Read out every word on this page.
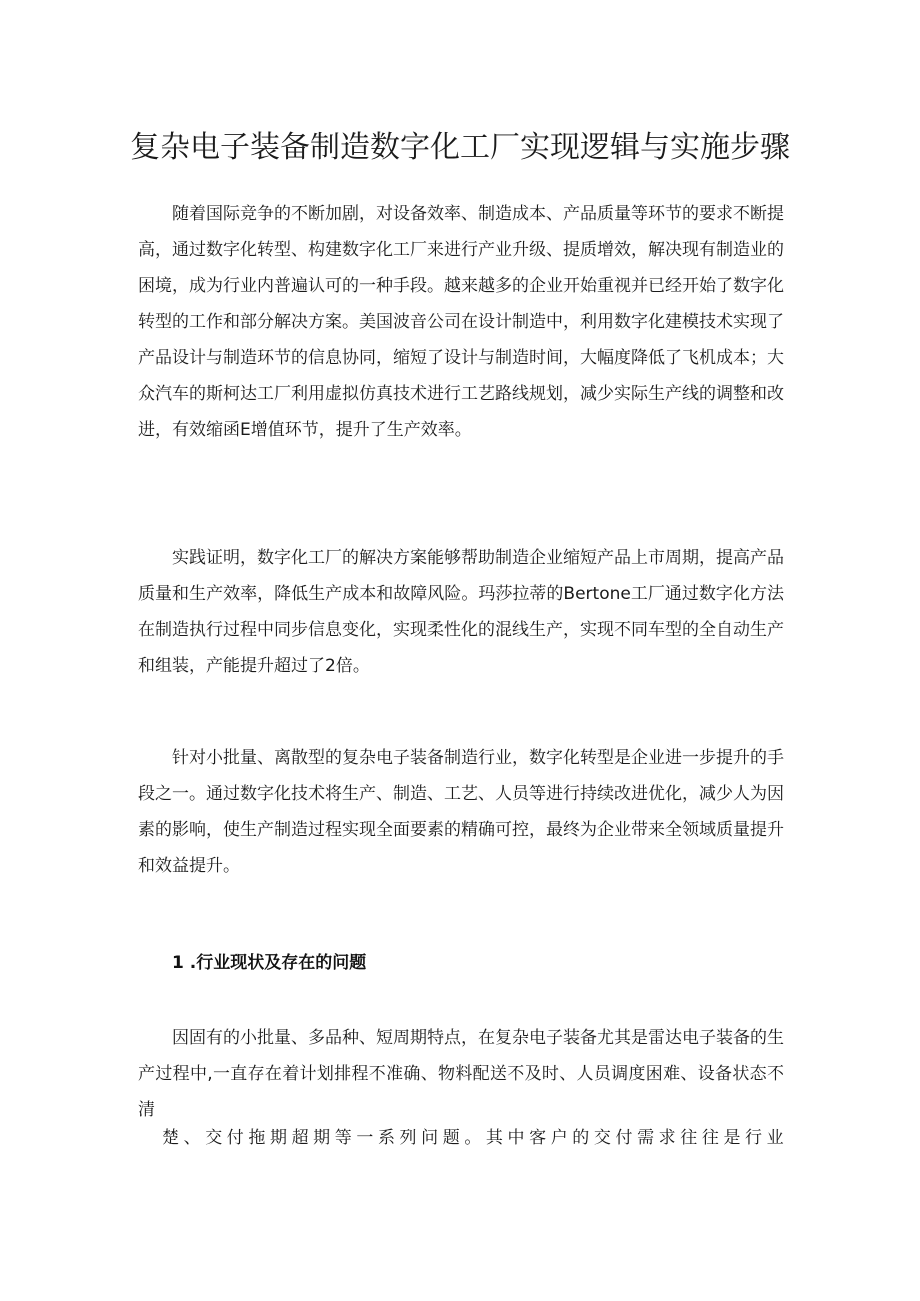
复杂电子装备制造数字化工厂实现逻辑与实施步骤

随着国际竞争的不断加剧，对设备效率、制造成本、产品质量等环节的要求不断提高，通过数字化转型、构建数字化工厂来进行产业升级、提质增效，解决现有制造业的困境，成为行业内普遍认可的一种手段。越来越多的企业开始重视并已经开始了数字化转型的工作和部分解决方案。美国波音公司在设计制造中，利用数字化建模技术实现了产品设计与制造环节的信息协同，缩短了设计与制造时间，大幅度降低了飞机成本；大众汽车的斯柯达工厂利用虚拟仿真技术进行工艺路线规划，减少实际生产线的调整和改进，有效缩函E增值环节，提升了生产效率。

实践证明，数字化工厂的解决方案能够帮助制造企业缩短产品上市周期，提高产品质量和生产效率，降低生产成本和故障风险。玛莎拉蒂的Bertone工厂通过数字化方法在制造执行过程中同步信息变化，实现柔性化的混线生产，实现不同车型的全自动生产和组装，产能提升超过了2倍。

针对小批量、离散型的复杂电子装备制造行业，数字化转型是企业进一步提升的手段之一。通过数字化技术将生产、制造、工艺、人员等进行持续改进优化，减少人为因素的影响，使生产制造过程实现全面要素的精确可控，最终为企业带来全领域质量提升和效益提升。

1 .行业现状及存在的问题

因固有的小批量、多品种、短周期特点，在复杂电子装备尤其是雷达电子装备的生产过程中,一直存在着计划排程不准确、物料配送不及时、人员调度困难、设备状态不清

楚 、 交 付 拖 期 超 期 等 一 系 列 问 题 。 其 中 客 户 的 交 付 需 求 往 往 是 行 业
